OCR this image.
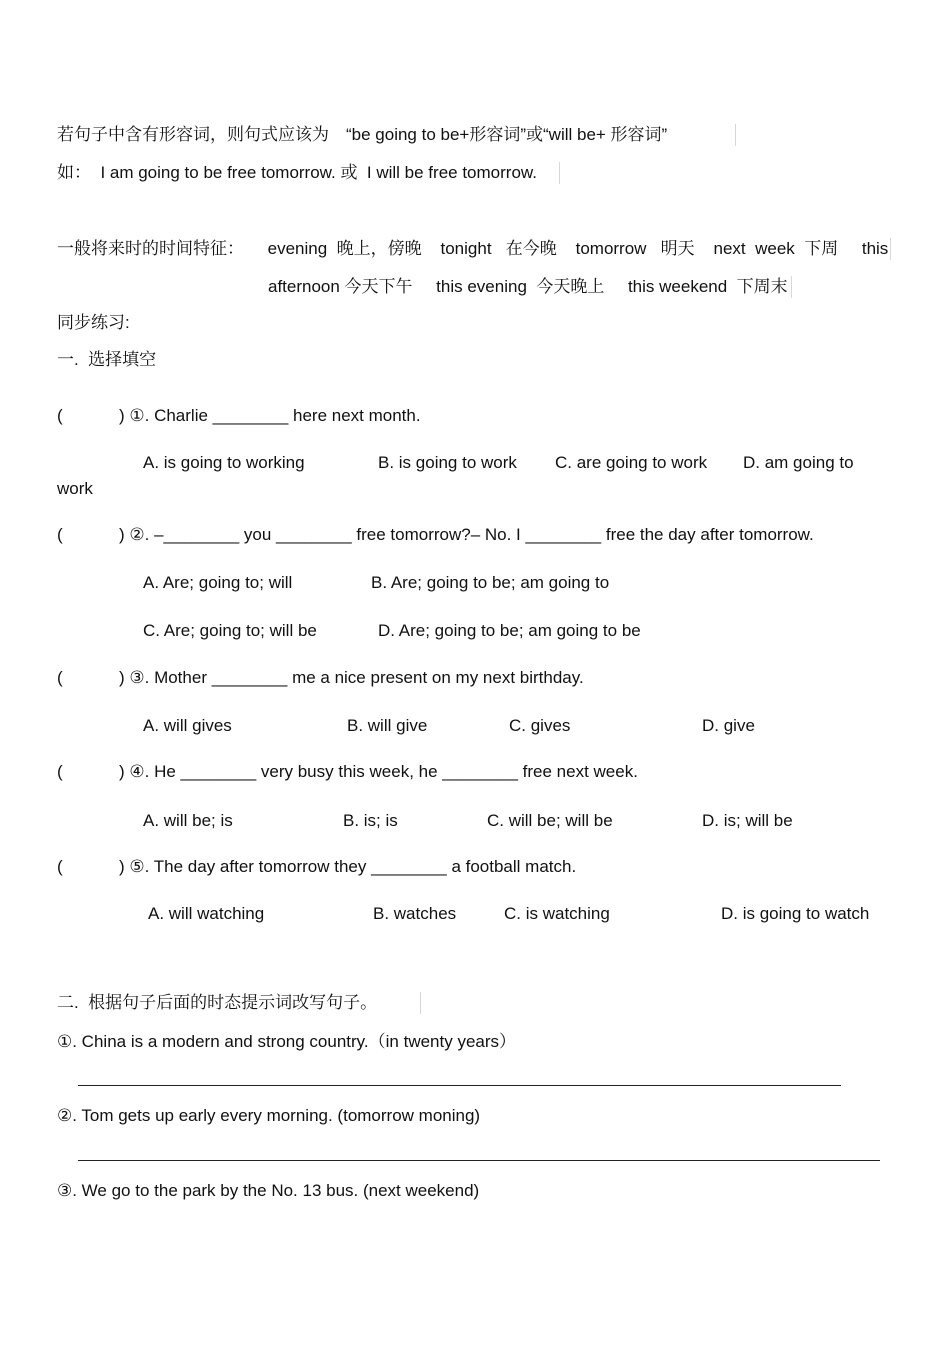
若句子中含有形容词，则句式应该为　“be going to be+形容词”或“will be+ 形容词”
如：  I am going to be free tomorrow. 或  I will be free tomorrow.
一般将来时的时间特征：     evening  晚上，傍晚    tonight   在今晚    tomorrow   明天    next  week  下周     this
afternoon 今天下午     this evening  今天晚上     this weekend  下周末
同步练习:
一.  选择填空
(	) ①. Charlie ________ here next month.
A. is going to working	B. is going to work C. are going to work D. am going to
work
(	) ②. –________ you ________ free tomorrow?– No. I ________ free the day after tomorrow.
A. Are; going to; will	B. Are; going to be; am going to
C. Are; going to; will be	D. Are; going to be; am going to be
(	) ③. Mother ________ me a nice present on my next birthday.
A. will gives	B. will give	C. gives	D. give
(	) ④. He ________ very busy this week, he ________ free next week.
A. will be; is	B. is; is	C. will be; will be	D. is; will be
(	) ⑤. The day after tomorrow they ________ a football match.
A. will watching	B. watches	C. is watching	D. is going to watch
二.  根据句子后面的时态提示词改写句子。
①. China is a modern and strong country.（in twenty years）
②. Tom gets up early every morning. (tomorrow moning)
③. We go to the park by the No. 13 bus. (next weekend)
